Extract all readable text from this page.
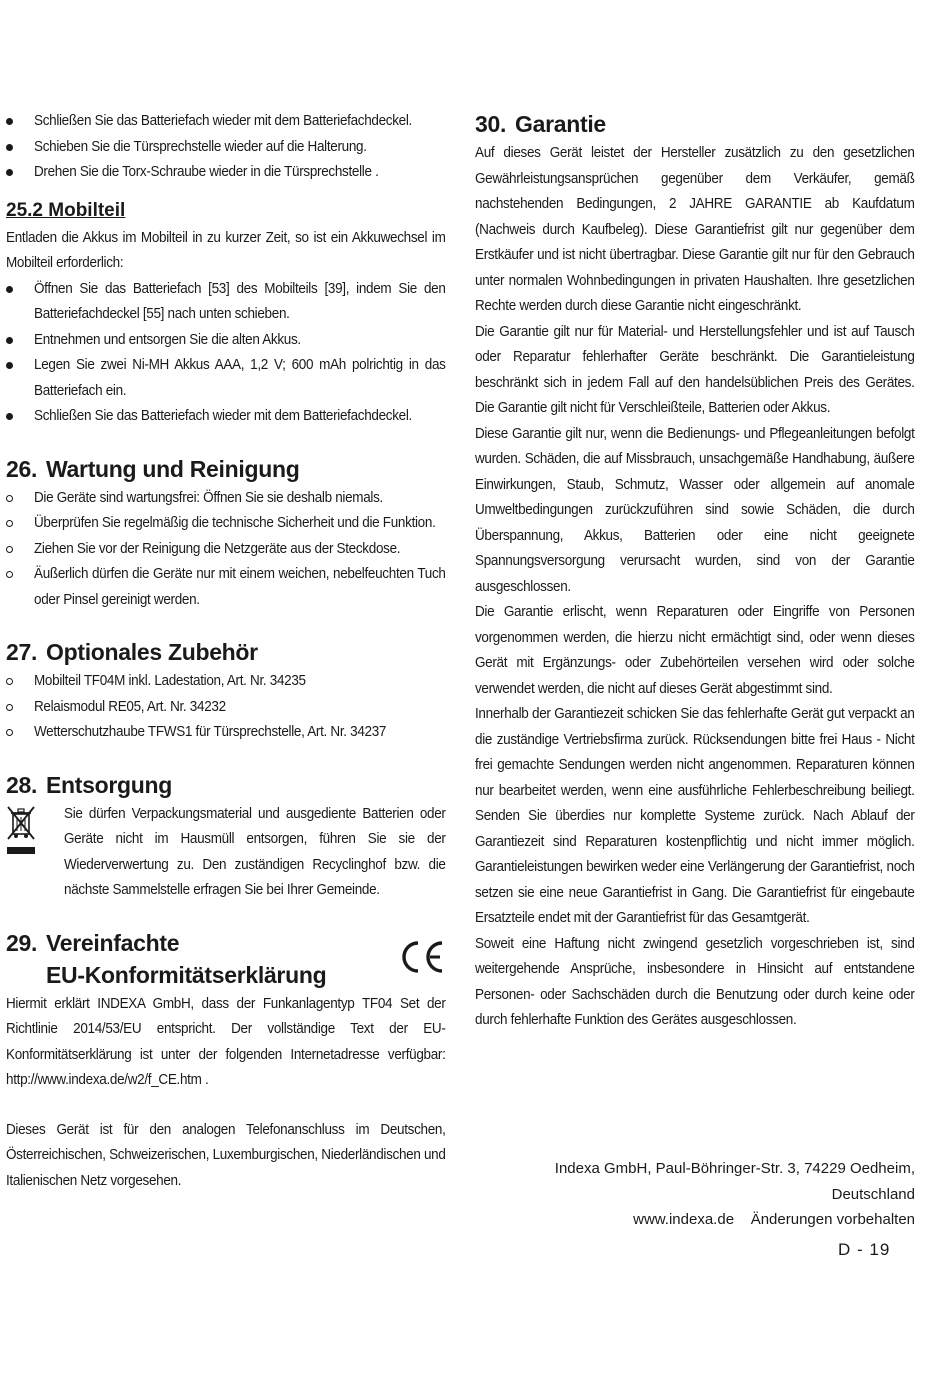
Schließen Sie das Batteriefach wieder mit dem Batteriefachdeckel.
Schieben Sie die Türsprechstelle wieder auf die Halterung.
Drehen Sie die Torx-Schraube wieder in die Türsprechstelle .
25.2 Mobilteil
Entladen die Akkus im Mobilteil in zu kurzer Zeit, so ist ein Akkuwechsel im Mobilteil erforderlich:
Öffnen Sie das Batteriefach [53] des Mobilteils [39], indem Sie den Batteriefachdeckel [55] nach unten schieben.
Entnehmen und entsorgen Sie die alten Akkus.
Legen Sie zwei Ni-MH Akkus AAA, 1,2 V; 600 mAh polrichtig in das Batteriefach ein.
Schließen Sie das Batteriefach wieder mit dem Batteriefachdeckel.
26. Wartung und Reinigung
Die Geräte sind wartungsfrei: Öffnen Sie sie deshalb niemals.
Überprüfen Sie regelmäßig die technische Sicherheit und die Funktion.
Ziehen Sie vor der Reinigung die Netzgeräte aus der Steckdose.
Äußerlich dürfen die Geräte nur mit einem weichen, nebelfeuchten Tuch oder Pinsel gereinigt werden.
27. Optionales Zubehör
Mobilteil TF04M inkl. Ladestation, Art. Nr. 34235
Relaismodul RE05, Art. Nr. 34232
Wetterschutzhaube TFWS1 für Türsprechstelle, Art. Nr. 34237
28. Entsorgung
Sie dürfen Verpackungsmaterial und ausgediente Batterien oder Geräte nicht im Hausmüll entsorgen, führen Sie sie der Wiederverwertung zu. Den zuständigen Recyclinghof bzw. die nächste Sammelstelle erfragen Sie bei Ihrer Gemeinde.
29. Vereinfachte
EU-Konformitätserklärung
Hiermit erklärt INDEXA GmbH, dass der Funkanlagentyp TF04 Set der Richtlinie 2014/53/EU entspricht. Der vollständige Text der EU-Konformitätserklärung ist unter der folgenden Internetadresse verfügbar: http://www.indexa.de/w2/f_CE.htm .
Dieses Gerät ist für den analogen Telefonanschluss im Deutschen, Österreichischen, Schweizerischen, Luxemburgischen, Niederländischen und Italienischen Netz vorgesehen.
30. Garantie
Auf dieses Gerät leistet der Hersteller zusätzlich zu den gesetzlichen Gewährleistungsansprüchen gegenüber dem Verkäufer, gemäß nachstehenden Bedingungen, 2 JAHRE GARANTIE ab Kaufdatum (Nachweis durch Kaufbeleg). Diese Garantiefrist gilt nur gegenüber dem Erstkäufer und ist nicht übertragbar. Diese Garantie gilt nur für den Gebrauch unter normalen Wohnbedingungen in privaten Haushalten. Ihre gesetzlichen Rechte werden durch diese Garantie nicht eingeschränkt.
Die Garantie gilt nur für Material- und Herstellungsfehler und ist auf Tausch oder Reparatur fehlerhafter Geräte beschränkt. Die Garantieleistung beschränkt sich in jedem Fall auf den handelsüblichen Preis des Gerätes. Die Garantie gilt nicht für Verschleißteile, Batterien oder Akkus.
Diese Garantie gilt nur, wenn die Bedienungs- und Pflegeanleitungen befolgt wurden. Schäden, die auf Missbrauch, unsachgemäße Handhabung, äußere Einwirkungen, Staub, Schmutz, Wasser oder allgemein auf anomale Umweltbedingungen zurückzuführen sind sowie Schäden, die durch Überspannung, Akkus, Batterien oder eine nicht geeignete Spannungsversorgung verursacht wurden, sind von der Garantie ausgeschlossen.
Die Garantie erlischt, wenn Reparaturen oder Eingriffe von Personen vorgenommen werden, die hierzu nicht ermächtigt sind, oder wenn dieses Gerät mit Ergänzungs- oder Zubehörteilen versehen wird oder solche verwendet werden, die nicht auf dieses Gerät abgestimmt sind.
Innerhalb der Garantiezeit schicken Sie das fehlerhafte Gerät gut verpackt an die zuständige Vertriebsfirma zurück. Rücksendungen bitte frei Haus - Nicht frei gemachte Sendungen werden nicht angenommen. Reparaturen können nur bearbeitet werden, wenn eine ausführliche Fehlerbeschreibung beiliegt. Senden Sie überdies nur komplette Systeme zurück. Nach Ablauf der Garantiezeit sind Reparaturen kostenpflichtig und nicht immer möglich. Garantieleistungen bewirken weder eine Verlängerung der Garantiefrist, noch setzen sie eine neue Garantiefrist in Gang. Die Garantiefrist für eingebaute Ersatzteile endet mit der Garantiefrist für das Gesamtgerät.
Soweit eine Haftung nicht zwingend gesetzlich vorgeschrieben ist, sind weitergehende Ansprüche, insbesondere in Hinsicht auf entstandene Personen- oder Sachschäden durch die Benutzung oder durch keine oder durch fehlerhafte Funktion des Gerätes ausgeschlossen.
Indexa GmbH, Paul-Böhringer-Str. 3, 74229 Oedheim, Deutschland
www.indexa.de    Änderungen vorbehalten
D - 19
